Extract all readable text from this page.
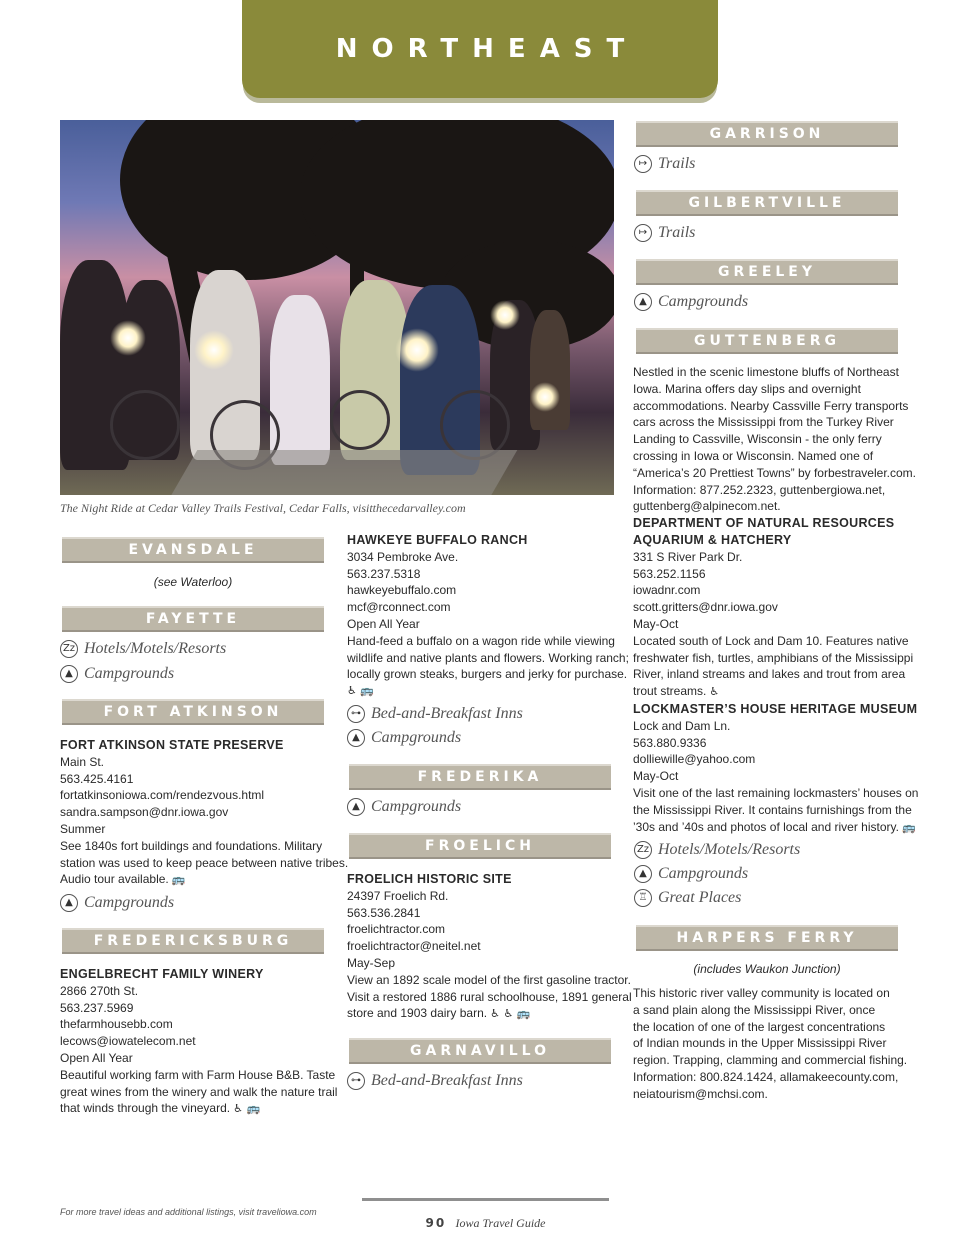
NORTHEAST
The Night Ride at Cedar Valley Trails Festival, Cedar Falls, visitthecedarvalley.com
EVANSDALE
(see Waterloo)
FAYETTE
Zz Hotels/Motels/Resorts
▲ Campgrounds
FORT ATKINSON
FORT ATKINSON STATE PRESERVE
Main St.
563.425.4161
fortatkinsoniowa.com/rendezvous.html
sandra.sampson@dnr.iowa.gov
Summer
See 1840s fort buildings and foundations. Military
station was used to keep peace between native tribes.
Audio tour available. 🚌
▲ Campgrounds
FREDERICKSBURG
ENGELBRECHT FAMILY WINERY
2866 270th St.
563.237.5969
thefarmhousebb.com
lecows@iowatelecom.net
Open All Year
Beautiful working farm with Farm House B&B. Taste
great wines from the winery and walk the nature trail
that winds through the vineyard. ♿ 🚌
HAWKEYE BUFFALO RANCH
3034 Pembroke Ave.
563.237.5318
hawkeyebuffalo.com
mcf@rconnect.com
Open All Year
Hand-feed a buffalo on a wagon ride while viewing
wildlife and native plants and flowers. Working ranch;
locally grown steaks, burgers and jerky for purchase.
♿ 🚌
⊶ Bed-and-Breakfast Inns
▲ Campgrounds
FREDERIKA
▲ Campgrounds
FROELICH
FROELICH HISTORIC SITE
24397 Froelich Rd.
563.536.2841
froelichtractor.com
froelichtractor@neitel.net
May-Sep
View an 1892 scale model of the first gasoline tractor.
Visit a restored 1886 rural schoolhouse, 1891 general
store and 1903 dairy barn. ♿ ♿ 🚌
GARNAVILLO
⊶ Bed-and-Breakfast Inns
GARRISON
↦ Trails
GILBERTVILLE
↦ Trails
GREELEY
▲ Campgrounds
GUTTENBERG
Nestled in the scenic limestone bluffs of Northeast
Iowa. Marina offers day slips and overnight
accommodations. Nearby Cassville Ferry transports
cars across the Mississippi from the Turkey River
Landing to Cassville, Wisconsin - the only ferry
crossing in Iowa or Wisconsin. Named one of
“America’s 20 Prettiest Towns” by forbestraveler.com.
Information: 877.252.2323, guttenbergiowa.net,
guttenberg@alpinecom.net.
DEPARTMENT OF NATURAL RESOURCES
AQUARIUM & HATCHERY
331 S River Park Dr.
563.252.1156
iowadnr.com
scott.gritters@dnr.iowa.gov
May-Oct
Located south of Lock and Dam 10. Features native
freshwater fish, turtles, amphibians of the Mississippi
River, inland streams and lakes and trout from area
trout streams. ♿
LOCKMASTER’S HOUSE HERITAGE MUSEUM
Lock and Dam Ln.
563.880.9336
dolliewille@yahoo.com
May-Oct
Visit one of the last remaining lockmasters’ houses on
the Mississippi River. It contains furnishings from the
’30s and ’40s and photos of local and river history. 🚌
Zz Hotels/Motels/Resorts
▲ Campgrounds
♖ Great Places
HARPERS FERRY
(includes Waukon Junction)
This historic river valley community is located on
a sand plain along the Mississippi River, once
the location of one of the largest concentrations
of Indian mounds in the Upper Mississippi River
region. Trapping, clamming and commercial fishing.
Information: 800.824.1424, allamakeecounty.com,
neiatourism@mchsi.com.
For more travel ideas and additional listings, visit traveliowa.com
90 Iowa Travel Guide
